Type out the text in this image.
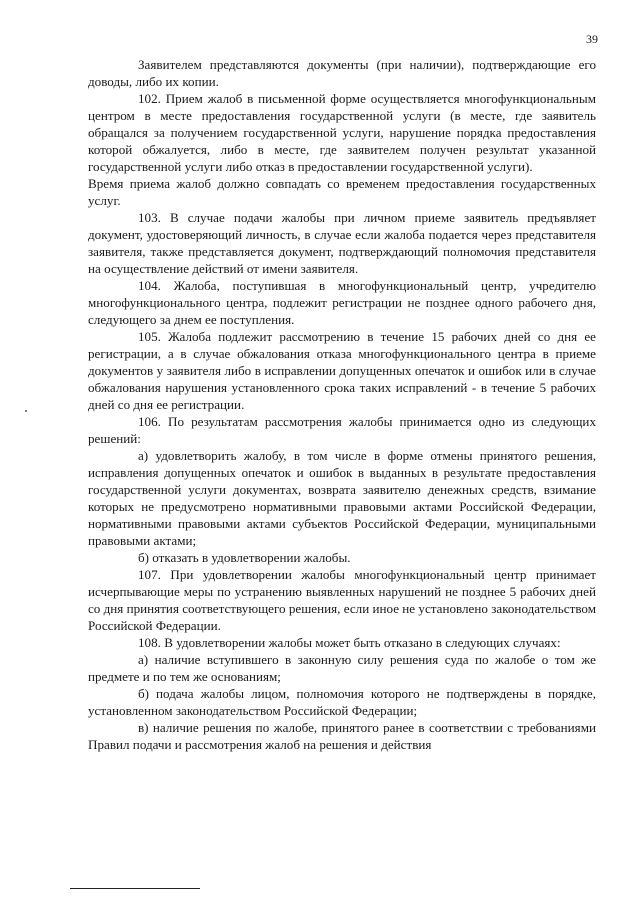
39

Заявителем представляются документы (при наличии), подтверждающие его доводы, либо их копии.

102. Прием жалоб в письменной форме осуществляется многофункциональным центром в месте предоставления государственной услуги (в месте, где заявитель обращался за получением государственной услуги, нарушение порядка предоставления которой обжалуется, либо в месте, где заявителем получен результат указанной государственной услуги либо отказ в предоставлении государственной услуги).

Время приема жалоб должно совпадать со временем предоставления государственных услуг.

103. В случае подачи жалобы при личном приеме заявитель предъявляет документ, удостоверяющий личность, в случае если жалоба подается через представителя заявителя, также представляется документ, подтверждающий полномочия представителя на осуществление действий от имени заявителя.

104. Жалоба, поступившая в многофункциональный центр, учредителю многофункционального центра, подлежит регистрации не позднее одного рабочего дня, следующего за днем ее поступления.

105. Жалоба подлежит рассмотрению в течение 15 рабочих дней со дня ее регистрации, а в случае обжалования отказа многофункционального центра в приеме документов у заявителя либо в исправлении допущенных опечаток и ошибок или в случае обжалования нарушения установленного срока таких исправлений - в течение 5 рабочих дней со дня ее регистрации.

106. По результатам рассмотрения жалобы принимается одно из следующих решений:

а) удовлетворить жалобу, в том числе в форме отмены принятого решения, исправления допущенных опечаток и ошибок в выданных в результате предоставления государственной услуги документах, возврата заявителю денежных средств, взимание которых не предусмотрено нормативными правовыми актами Российской Федерации, нормативными правовыми актами субъектов Российской Федерации, муниципальными правовыми актами;

б) отказать в удовлетворении жалобы.

107. При удовлетворении жалобы многофункциональный центр принимает исчерпывающие меры по устранению выявленных нарушений не позднее 5 рабочих дней со дня принятия соответствующего решения, если иное не установлено законодательством Российской Федерации.

108. В удовлетворении жалобы может быть отказано в следующих случаях:

а) наличие вступившего в законную силу решения суда по жалобе о том же предмете и по тем же основаниям;

б) подача жалобы лицом, полномочия которого не подтверждены в порядке, установленном законодательством Российской Федерации;

в) наличие решения по жалобе, принятого ранее в соответствии с требованиями Правил подачи и рассмотрения жалоб на решения и действия
